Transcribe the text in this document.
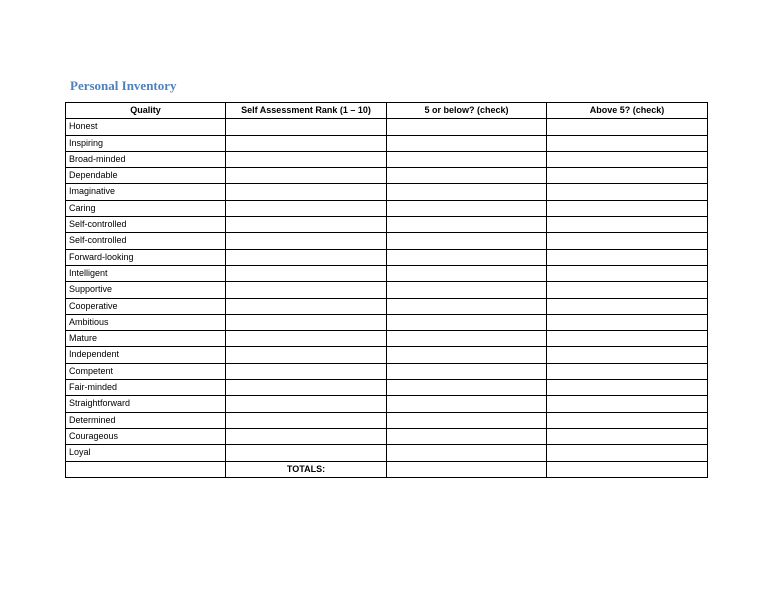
Personal Inventory
Quality	Self Assessment Rank (1 – 10)	5 or below? (check)	Above 5? (check)
Honest			
Inspiring			
Broad-minded			
Dependable			
Imaginative			
Caring			
Self-controlled			
Self-controlled			
Forward-looking			
Intelligent			
Supportive			
Cooperative			
Ambitious			
Mature			
Independent			
Competent			
Fair-minded			
Straightforward			
Determined			
Courageous			
Loyal			
	TOTALS:		
